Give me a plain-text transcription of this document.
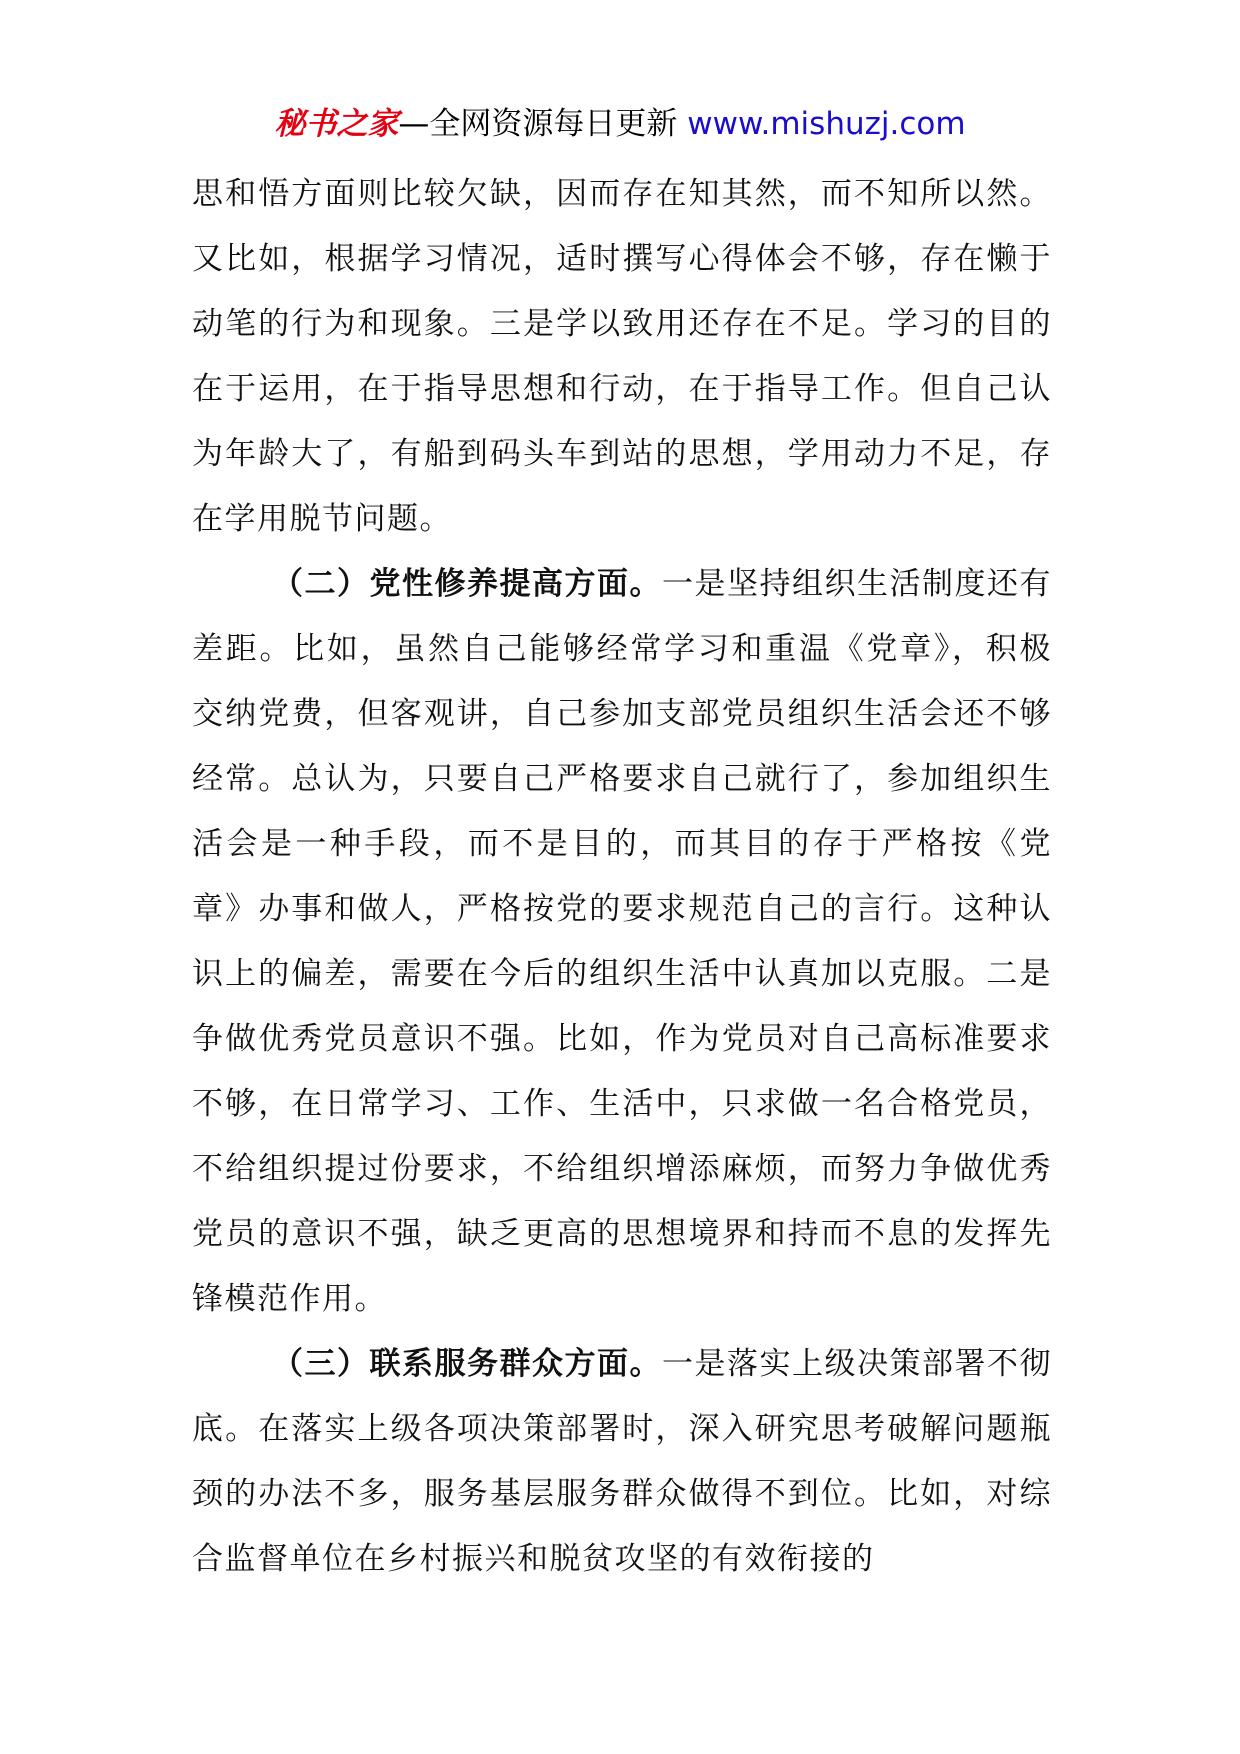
秘书之家—全网资源每日更新 www.mishuzj.com

思和悟方面则比较欠缺，因而存在知其然，而不知所以然。又比如，根据学习情况，适时撰写心得体会不够，存在懒于动笔的行为和现象。三是学以致用还存在不足。学习的目的在于运用，在于指导思想和行动，在于指导工作。但自己认为年龄大了，有船到码头车到站的思想，学用动力不足，存在学用脱节问题。

（二）党性修养提高方面。一是坚持组织生活制度还有差距。比如，虽然自己能够经常学习和重温《党章》，积极交纳党费，但客观讲，自己参加支部党员组织生活会还不够经常。总认为，只要自己严格要求自己就行了，参加组织生活会是一种手段，而不是目的，而其目的存于严格按《党章》办事和做人，严格按党的要求规范自己的言行。这种认识上的偏差，需要在今后的组织生活中认真加以克服。二是争做优秀党员意识不强。比如，作为党员对自己高标准要求不够，在日常学习、工作、生活中，只求做一名合格党员，不给组织提过份要求，不给组织增添麻烦，而努力争做优秀党员的意识不强，缺乏更高的思想境界和持而不息的发挥先锋模范作用。

（三）联系服务群众方面。一是落实上级决策部署不彻底。在落实上级各项决策部署时，深入研究思考破解问题瓶颈的办法不多，服务基层服务群众做得不到位。比如，对综合监督单位在乡村振兴和脱贫攻坚的有效衔接的
